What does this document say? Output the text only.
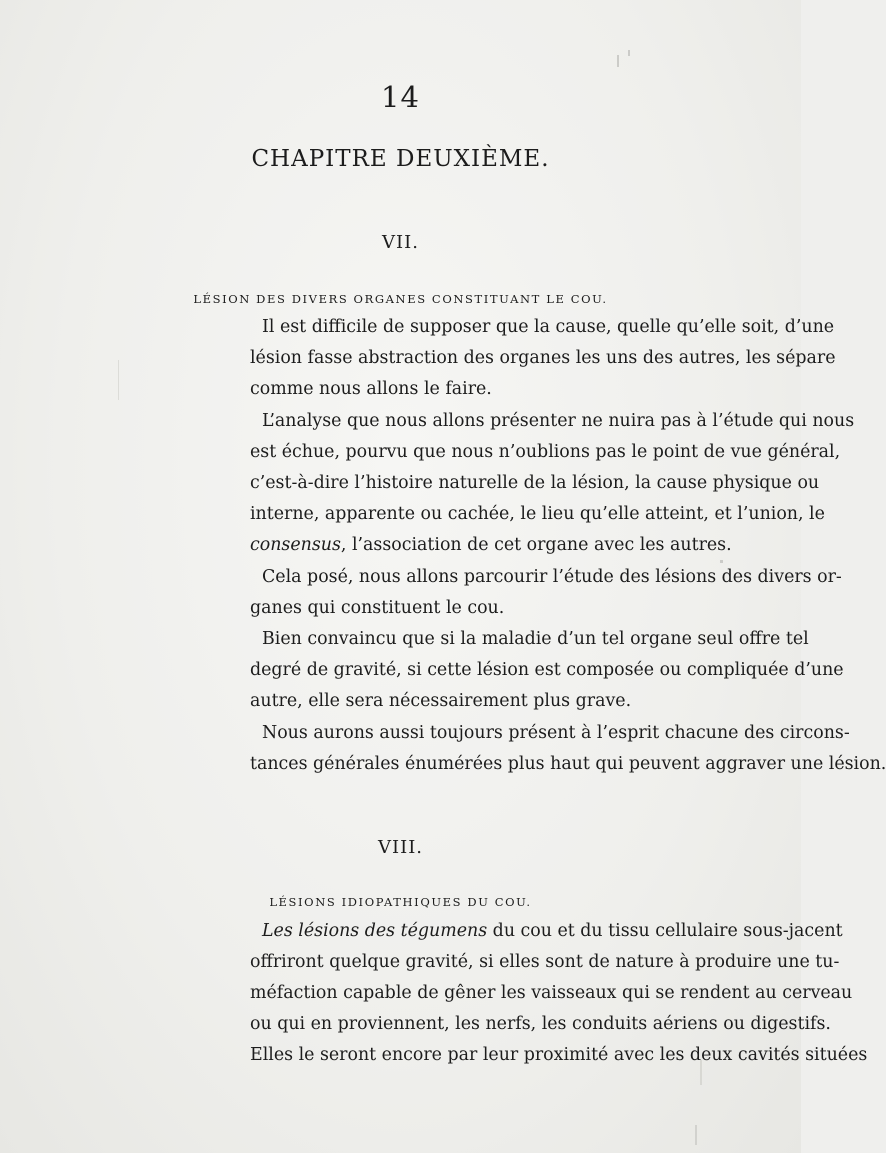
14
CHAPITRE DEUXIÈME.
VII.
LÉSION DES DIVERS ORGANES CONSTITUANT LE COU.
Il est difficile de supposer que la cause, quelle qu’elle soit, d’une
lésion fasse abstraction des organes les uns des autres, les sépare
comme nous allons le faire.
L’analyse que nous allons présenter ne nuira pas à l’étude qui nous
est échue, pourvu que nous n’oublions pas le point de vue général,
c’est-à-dire l’histoire naturelle de la lésion, la cause physique ou
interne, apparente ou cachée, le lieu qu’elle atteint, et l’union, le
consensus, l’association de cet organe avec les autres.
Cela posé, nous allons parcourir l’étude des lésions des divers or-
ganes qui constituent le cou.
Bien convaincu que si la maladie d’un tel organe seul offre tel
degré de gravité, si cette lésion est composée ou compliquée d’une
autre, elle sera nécessairement plus grave.
Nous aurons aussi toujours présent à l’esprit chacune des circons-
tances générales énumérées plus haut qui peuvent aggraver une lésion.
VIII.
LÉSIONS IDIOPATHIQUES DU COU.
Les lésions des tégumens du cou et du tissu cellulaire sous-jacent
offriront quelque gravité, si elles sont de nature à produire une tu-
méfaction capable de gêner les vaisseaux qui se rendent au cerveau
ou qui en proviennent, les nerfs, les conduits aériens ou digestifs.
Elles le seront encore par leur proximité avec les deux cavités situées
